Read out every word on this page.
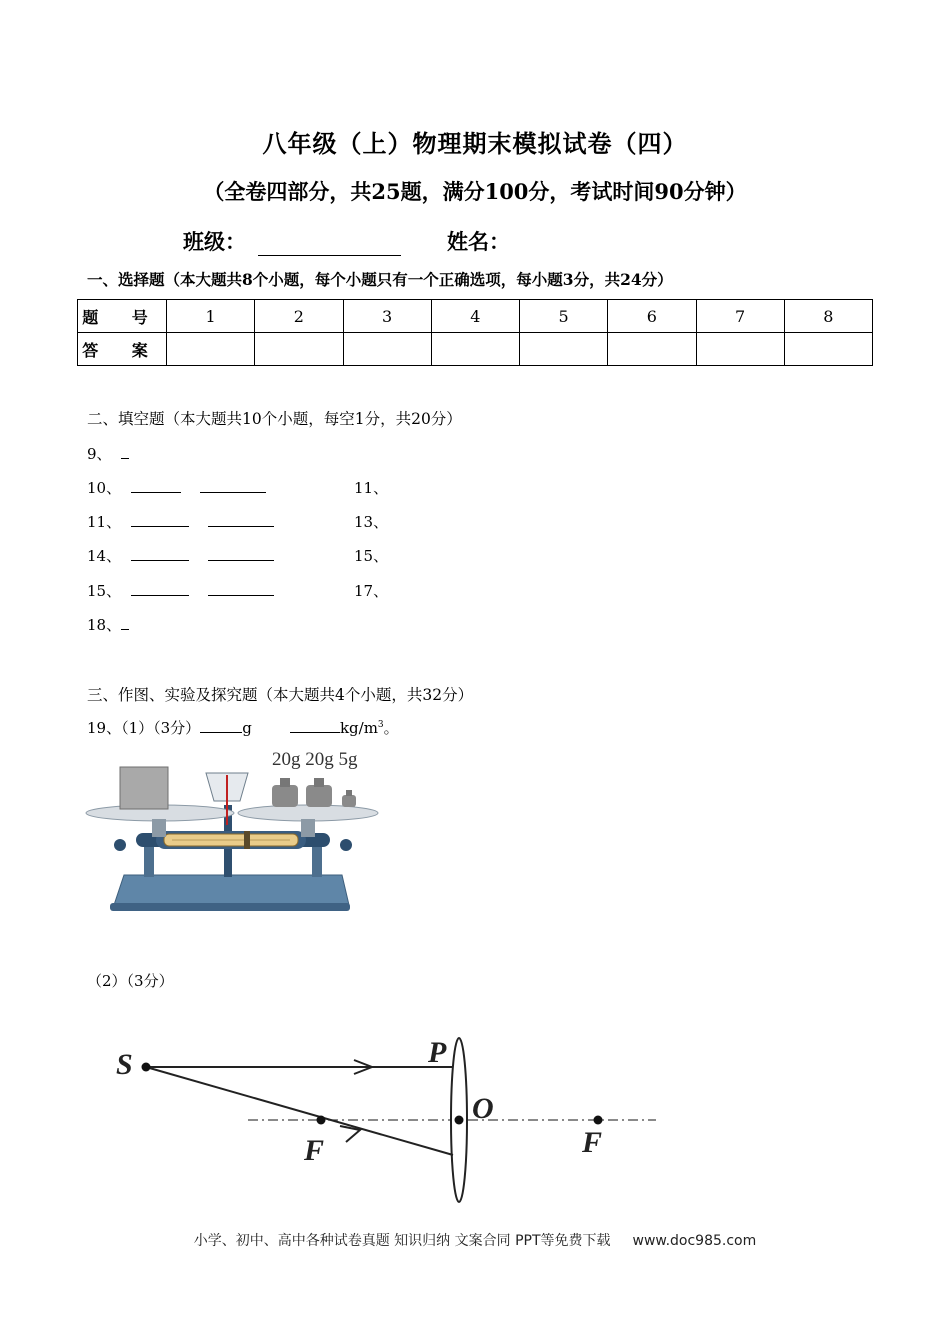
八年级（上）物理期末模拟试卷（四）
（全卷四部分，共25题，满分100分，考试时间90分钟）
班级：	姓名：
一、选择题（本大题共8个小题，每个小题只有一个正确选项，每小题3分，共24分）
题 号	1	2	3	4	5	6	7	8
答 案								
二、填空题（本大题共10个小题，每空1分，共20分）
9、
10、	11、
11、	13、
14、	15、
15、	17、
18、
三、作图、实验及探究题（本大题共4个小题，共32分）
19、（1）（3分）	g	$kg/m^3$。
20g 20g 5g
（2）（3分）
S	P
O
F	F
小学、初中、高中各种试卷真题 知识归纳 文案合同 PPT等免费下载 www.doc985.com
